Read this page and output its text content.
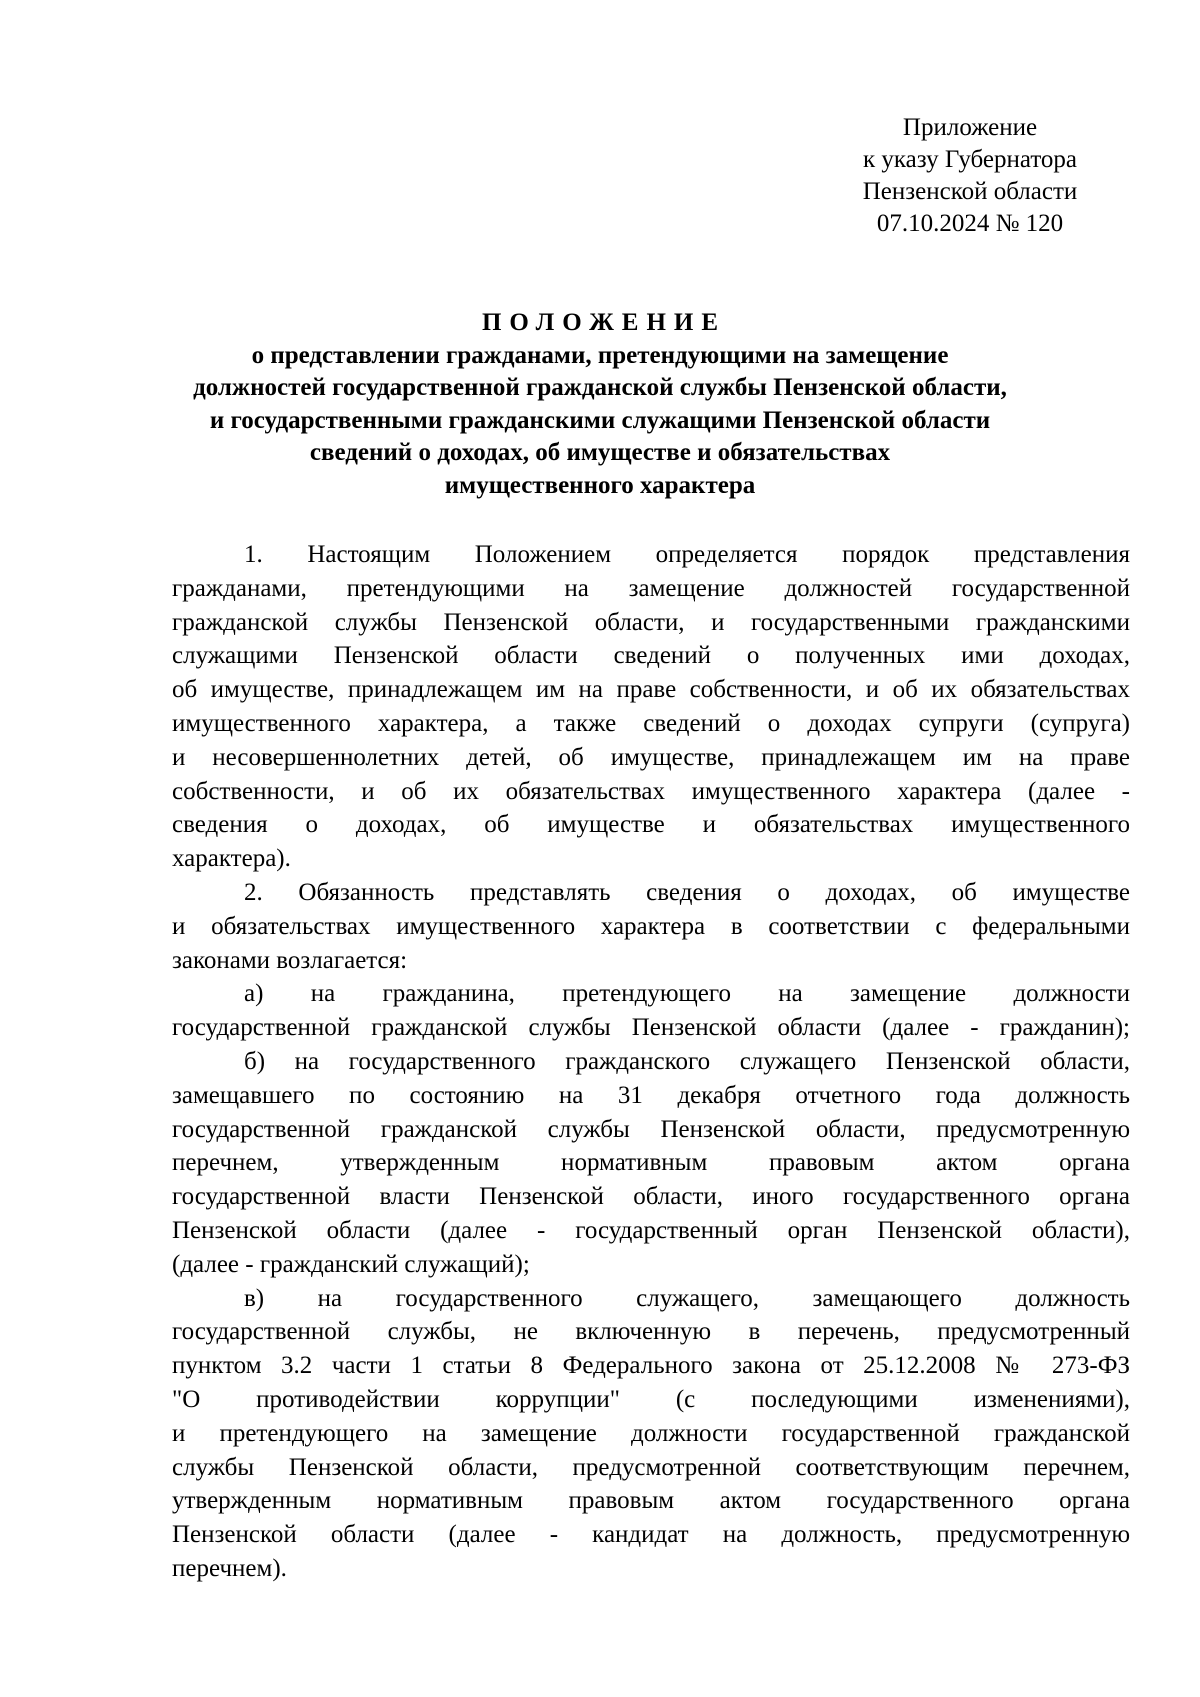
Приложение
к указу Губернатора
Пензенской области
07.10.2024 № 120
ПОЛОЖЕНИЕ
о представлении гражданами, претендующими на замещение
должностей государственной гражданской службы Пензенской области,
и государственными гражданскими служащими Пензенской области
сведений о доходах, об имуществе и обязательствах
имущественного характера
1. Настоящим Положением определяется порядок представления
гражданами, претендующими на замещение должностей государственной
гражданской службы Пензенской области, и государственными гражданскими
служащими Пензенской области сведений о полученных ими доходах,
об имуществе, принадлежащем им на праве собственности, и об их обязательствах
имущественного характера, а также сведений о доходах супруги (супруга)
и несовершеннолетних детей, об имуществе, принадлежащем им на праве
собственности, и об их обязательствах имущественного характера (далее -
сведения о доходах, об имуществе и обязательствах имущественного
характера).
2. Обязанность представлять сведения о доходах, об имуществе
и обязательствах имущественного характера в соответствии с федеральными
законами возлагается:
а) на гражданина, претендующего на замещение должности
государственной гражданской службы Пензенской области (далее - гражданин);
б) на государственного гражданского служащего Пензенской области,
замещавшего по состоянию на 31 декабря отчетного года должность
государственной гражданской службы Пензенской области, предусмотренную
перечнем, утвержденным нормативным правовым актом органа
государственной власти Пензенской области, иного государственного органа
Пензенской области (далее - государственный орган Пензенской области),
(далее - гражданский служащий);
в) на государственного служащего, замещающего должность
государственной службы, не включенную в перечень, предусмотренный
пунктом 3.2 части 1 статьи 8 Федерального закона от 25.12.2008 № 273-ФЗ
"О противодействии коррупции" (с последующими изменениями),
и претендующего на замещение должности государственной гражданской
службы Пензенской области, предусмотренной соответствующим перечнем,
утвержденным нормативным правовым актом государственного органа
Пензенской области (далее - кандидат на должность, предусмотренную
перечнем).
